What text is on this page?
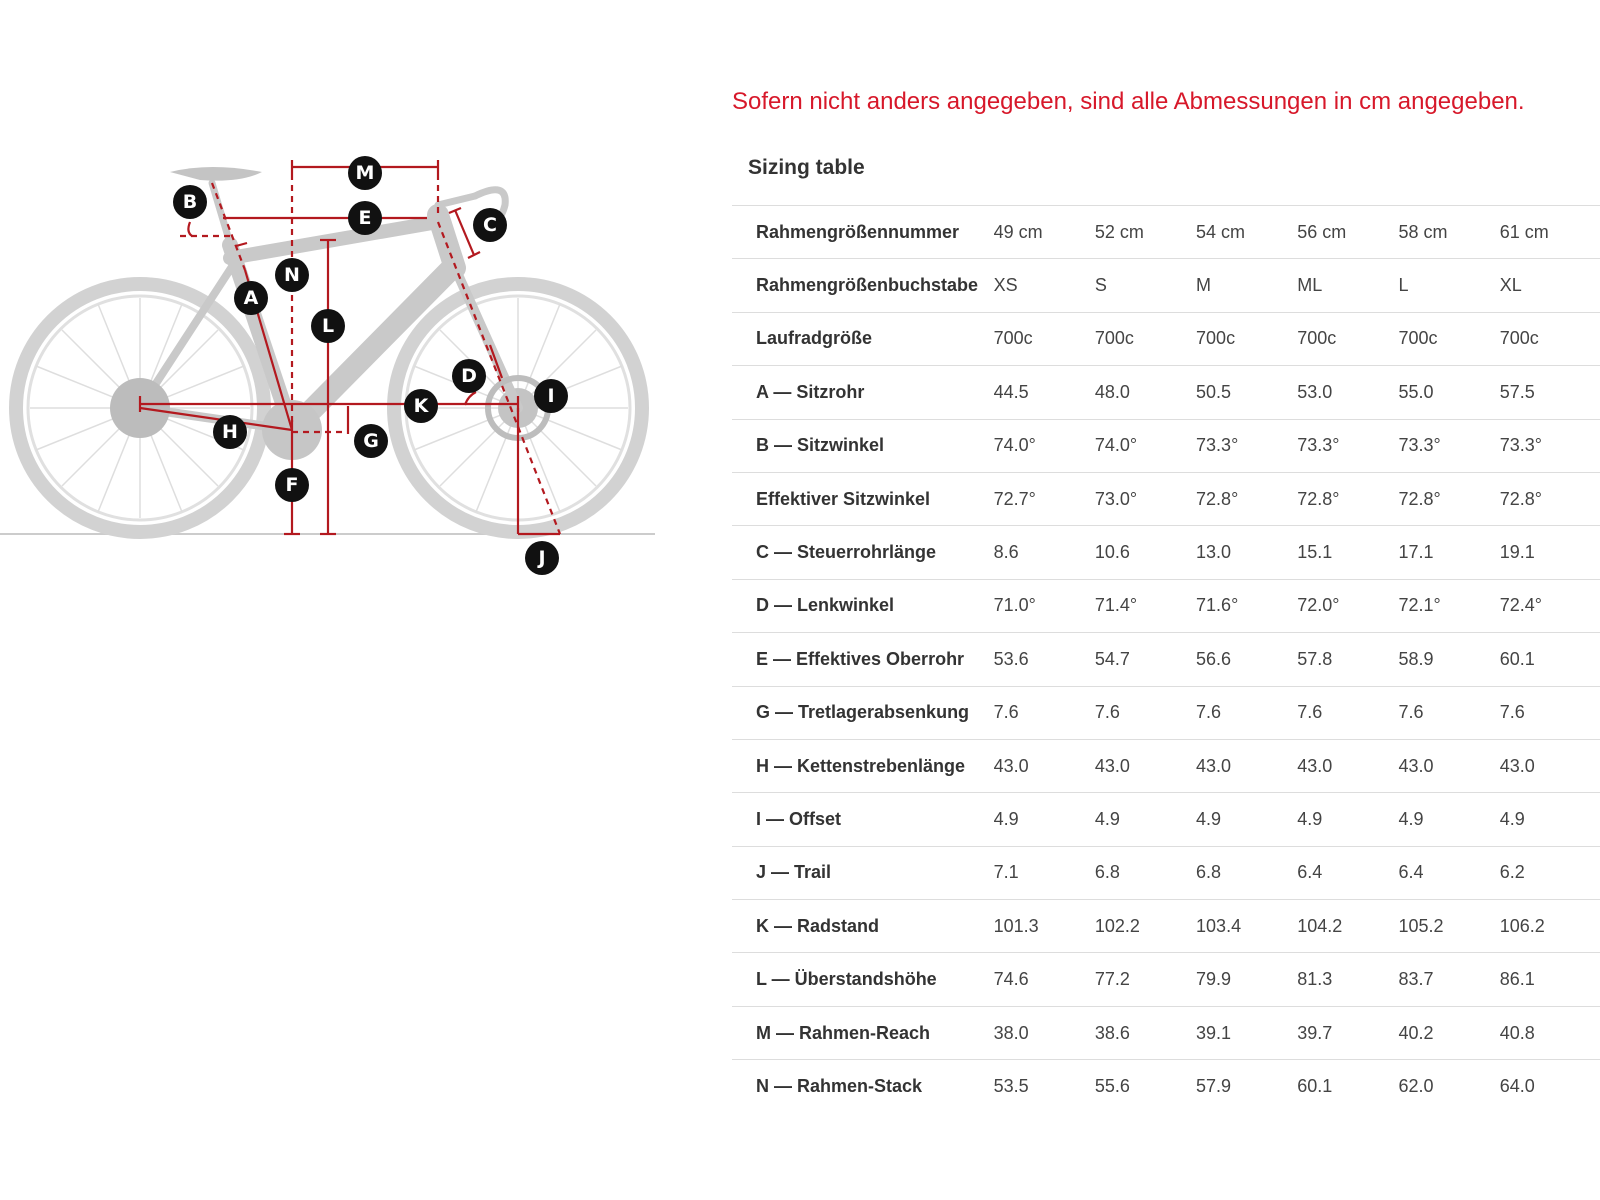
B
M
E	C
N
A
L
D
I
K
H	G
F
J
Sofern nicht anders angegeben, sind alle Abmessungen in cm angegeben.
Sizing table
Rahmengrößennummer	49 cm	52 cm	54 cm	56 cm	58 cm	61 cm
Rahmengrößenbuchstabe	XS	S	M	ML	L	XL
Laufradgröße	700c	700c	700c	700c	700c	700c
A — Sitzrohr	44.5	48.0	50.5	53.0	55.0	57.5
B — Sitzwinkel	74.0°	74.0°	73.3°	73.3°	73.3°	73.3°
Effektiver Sitzwinkel	72.7°	73.0°	72.8°	72.8°	72.8°	72.8°
C — Steuerrohrlänge	8.6	10.6	13.0	15.1	17.1	19.1
D — Lenkwinkel	71.0°	71.4°	71.6°	72.0°	72.1°	72.4°
E — Effektives Oberrohr	53.6	54.7	56.6	57.8	58.9	60.1
G — Tretlagerabsenkung	7.6	7.6	7.6	7.6	7.6	7.6
H — Kettenstrebenlänge	43.0	43.0	43.0	43.0	43.0	43.0
I — Offset	4.9	4.9	4.9	4.9	4.9	4.9
J — Trail	7.1	6.8	6.8	6.4	6.4	6.2
K — Radstand	101.3	102.2	103.4	104.2	105.2	106.2
L — Überstandshöhe	74.6	77.2	79.9	81.3	83.7	86.1
M — Rahmen-Reach	38.0	38.6	39.1	39.7	40.2	40.8
N — Rahmen-Stack	53.5	55.6	57.9	60.1	62.0	64.0
